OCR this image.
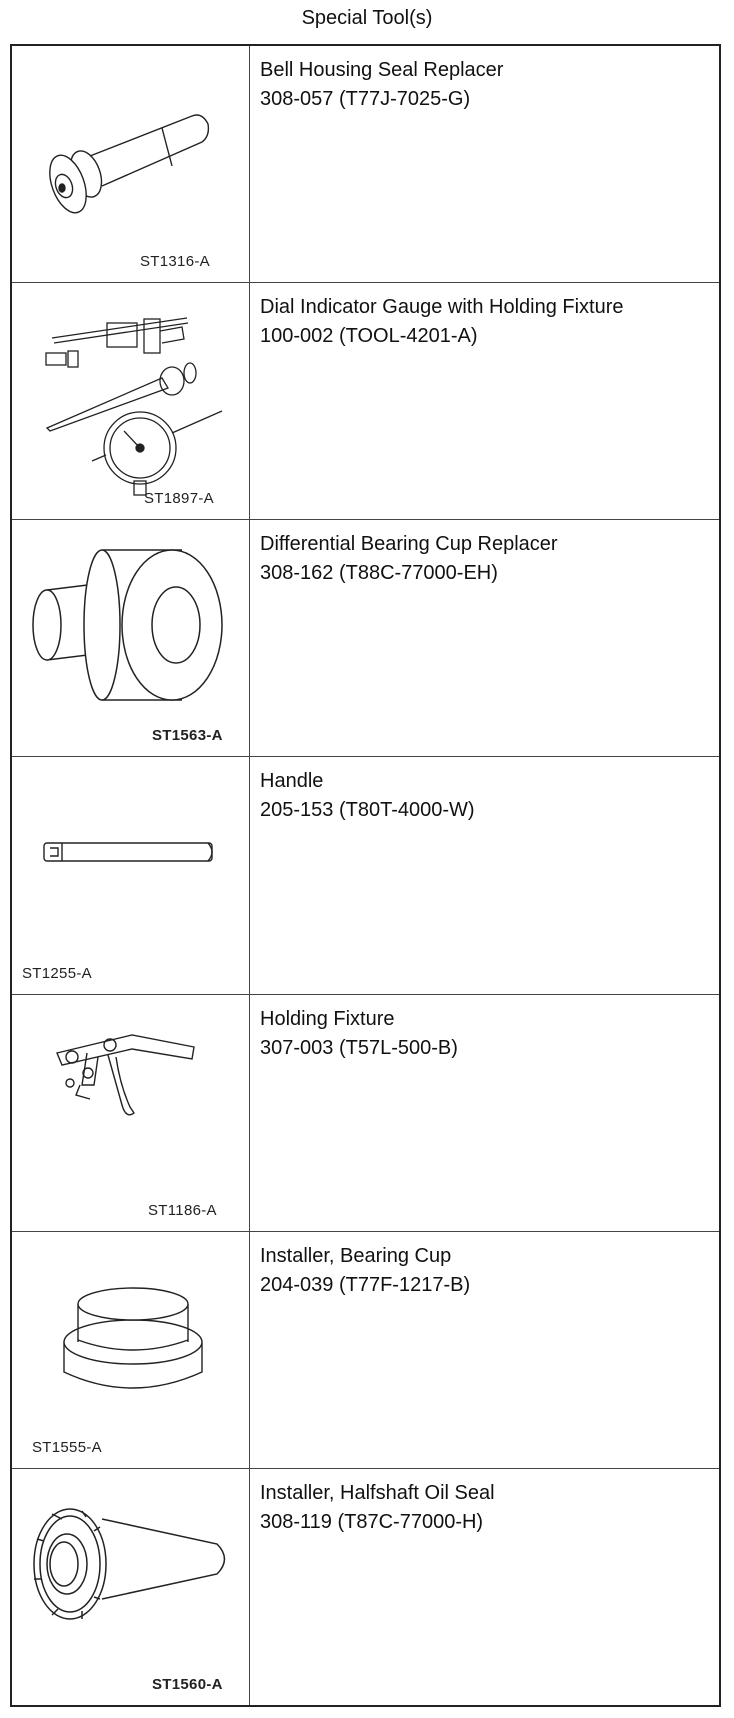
Special Tool(s)
ST1316-A	Bell Housing Seal Replacer
308-057 (T77J-7025-G)

ST1897-A	Dial Indicator Gauge with Holding Fixture
100-002 (TOOL-4201-A)

ST1563-A	Differential Bearing Cup Replacer
308-162 (T88C-77000-EH)

ST1255-A	Handle
205-153 (T80T-4000-W)

ST1186-A	Holding Fixture
307-003 (T57L-500-B)

ST1555-A	Installer, Bearing Cup
204-039 (T77F-1217-B)

ST1560-A	Installer, Halfshaft Oil Seal
308-119 (T87C-77000-H)
